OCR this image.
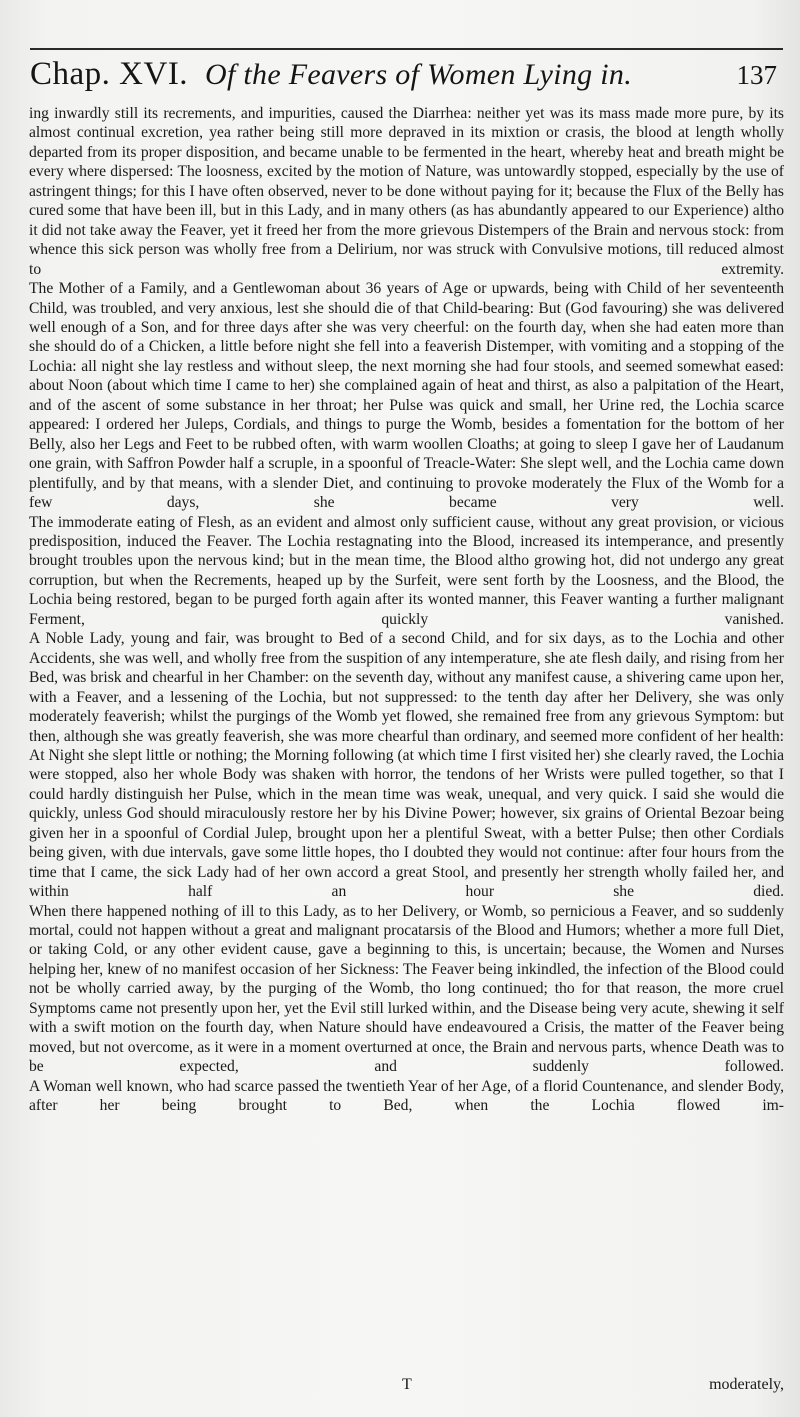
Chap. XVI. Of the Feavers of Women Lying in.	137

ing inwardly still its recrements, and impurities, caused the Diarrhea: neither yet was its mass made more pure, by its almost continual excretion, yea rather being still more depraved in its mixtion or crasis, the blood at length wholly departed from its proper disposition, and became unable to be fermented in the heart, whereby heat and breath might be every where dispersed: The loosness, excited by the motion of Nature, was untowardly stopped, especially by the use of astringent things; for this I have often observed, never to be done without paying for it; because the Flux of the Belly has cured some that have been ill, but in this Lady, and in many others (as has abundantly appeared to our Experience) altho it did not take away the Feaver, yet it freed her from the more grievous Distempers of the Brain and nervous stock: from whence this sick person was wholly free from a Delirium, nor was struck with Convulsive motions, till reduced almost to extremity.

The Mother of a Family, and a Gentlewoman about 36 years of Age or upwards, being with Child of her seventeenth Child, was troubled, and very anxious, lest she should die of that Child-bearing: But (God favouring) she was delivered well enough of a Son, and for three days after she was very cheerful: on the fourth day, when she had eaten more than she should do of a Chicken, a little before night she fell into a feaverish Distemper, with vomiting and a stopping of the Lochia: all night she lay restless and without sleep, the next morning she had four stools, and seemed somewhat eased: about Noon (about which time I came to her) she complained again of heat and thirst, as also a palpitation of the Heart, and of the ascent of some substance in her throat; her Pulse was quick and small, her Urine red, the Lochia scarce appeared: I ordered her Juleps, Cordials, and things to purge the Womb, besides a fomentation for the bottom of her Belly, also her Legs and Feet to be rubbed often, with warm woollen Cloaths; at going to sleep I gave her of Laudanum one grain, with Saffron Powder half a scruple, in a spoonful of Treacle-Water: She slept well, and the Lochia came down plentifully, and by that means, with a slender Diet, and continuing to provoke moderately the Flux of the Womb for a few days, she became very well.

The immoderate eating of Flesh, as an evident and almost only sufficient cause, without any great provision, or vicious predisposition, induced the Feaver. The Lochia restagnating into the Blood, increased its intemperance, and presently brought troubles upon the nervous kind; but in the mean time, the Blood altho growing hot, did not undergo any great corruption, but when the Recrements, heaped up by the Surfeit, were sent forth by the Loosness, and the Blood, the Lochia being restored, began to be purged forth again after its wonted manner, this Feaver wanting a further malignant Ferment, quickly vanished.

A Noble Lady, young and fair, was brought to Bed of a second Child, and for six days, as to the Lochia and other Accidents, she was well, and wholly free from the suspition of any intemperature, she ate flesh daily, and rising from her Bed, was brisk and chearful in her Chamber: on the seventh day, without any manifest cause, a shivering came upon her, with a Feaver, and a lessening of the Lochia, but not suppressed: to the tenth day after her Delivery, she was only moderately feaverish; whilst the purgings of the Womb yet flowed, she remained free from any grievous Symptom: but then, although she was greatly feaverish, she was more chearful than ordinary, and seemed more confident of her health: At Night she slept little or nothing; the Morning following (at which time I first visited her) she clearly raved, the Lochia were stopped, also her whole Body was shaken with horror, the tendons of her Wrists were pulled together, so that I could hardly distinguish her Pulse, which in the mean time was weak, unequal, and very quick. I said she would die quickly, unless God should miraculously restore her by his Divine Power; however, six grains of Oriental Bezoar being given her in a spoonful of Cordial Julep, brought upon her a plentiful Sweat, with a better Pulse; then other Cordials being given, with due intervals, gave some little hopes, tho I doubted they would not continue: after four hours from the time that I came, the sick Lady had of her own accord a great Stool, and presently her strength wholly failed her, and within half an hour she died.

When there happened nothing of ill to this Lady, as to her Delivery, or Womb, so pernicious a Feaver, and so suddenly mortal, could not happen without a great and malignant procatarsis of the Blood and Humors; whether a more full Diet, or taking Cold, or any other evident cause, gave a beginning to this, is uncertain; because, the Women and Nurses helping her, knew of no manifest occasion of her Sickness: The Feaver being inkindled, the infection of the Blood could not be wholly carried away, by the purging of the Womb, tho long continued; tho for that reason, the more cruel Symptoms came not presently upon her, yet the Evil still lurked within, and the Disease being very acute, shewing it self with a swift motion on the fourth day, when Nature should have endeavoured a Crisis, the matter of the Feaver being moved, but not overcome, as it were in a moment overturned at once, the Brain and nervous parts, whence Death was to be expected, and suddenly followed.

A Woman well known, who had scarce passed the twentieth Year of her Age, of a florid Countenance, and slender Body, after her being brought to Bed, when the Lochia flowed im-

T	moderately,
